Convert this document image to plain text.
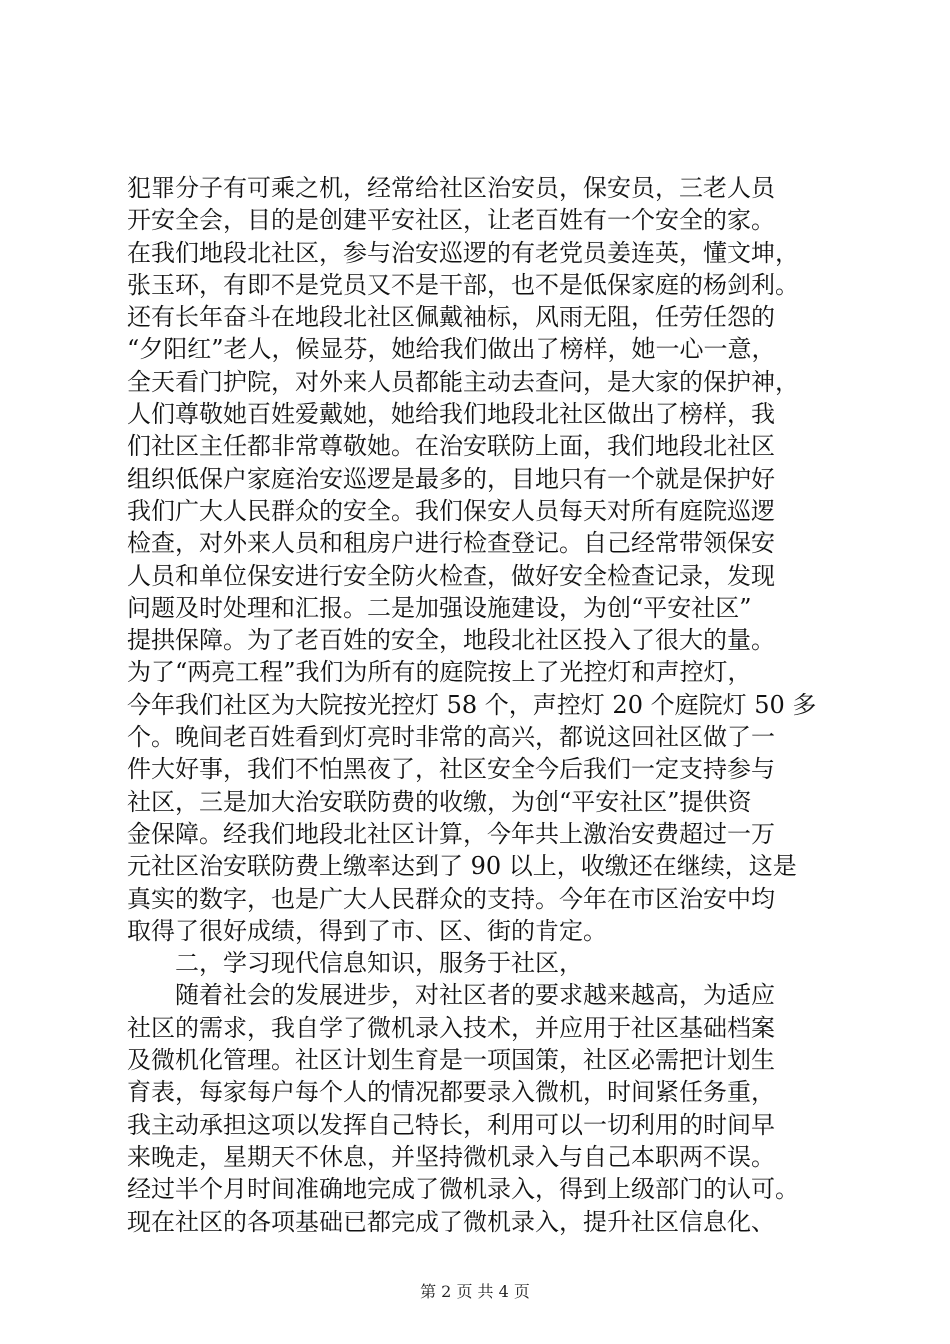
犯罪分子有可乘之机，经常给社区治安员，保安员，三老人员
开安全会，目的是创建平安社区，让老百姓有一个安全的家。
在我们地段北社区，参与治安巡逻的有老党员姜连英，懂文坤，
张玉环，有即不是党员又不是干部，也不是低保家庭的杨剑利。
还有长年奋斗在地段北社区佩戴袖标，风雨无阻，任劳任怨的
“夕阳红”老人，候显芬，她给我们做出了榜样，她一心一意，
全天看门护院，对外来人员都能主动去查问，是大家的保护神，
人们尊敬她百姓爱戴她，她给我们地段北社区做出了榜样，我
们社区主任都非常尊敬她。在治安联防上面，我们地段北社区
组织低保户家庭治安巡逻是最多的，目地只有一个就是保护好
我们广大人民群众的安全。我们保安人员每天对所有庭院巡逻
检查，对外来人员和租房户进行检查登记。自己经常带领保安
人员和单位保安进行安全防火检查，做好安全检查记录，发现
问题及时处理和汇报。二是加强设施建设，为创“平安社区”
提拱保障。为了老百姓的安全，地段北社区投入了很大的量。
为了“两亮工程”我们为所有的庭院按上了光控灯和声控灯，
今年我们社区为大院按光控灯 58 个，声控灯 20 个庭院灯 50 多
个。晚间老百姓看到灯亮时非常的高兴，都说这回社区做了一
件大好事，我们不怕黑夜了，社区安全今后我们一定支持参与
社区，三是加大治安联防费的收缴，为创“平安社区”提供资
金保障。经我们地段北社区计算，今年共上激治安费超过一万
元社区治安联防费上缴率达到了 90 以上，收缴还在继续，这是
真实的数字，也是广大人民群众的支持。今年在市区治安中均
取得了很好成绩，得到了市、区、街的肯定。
二，学习现代信息知识，服务于社区，
随着社会的发展进步，对社区者的要求越来越高，为适应
社区的需求，我自学了微机录入技术，并应用于社区基础档案
及微机化管理。社区计划生育是一项国策，社区必需把计划生
育表，每家每户每个人的情况都要录入微机，时间紧任务重，
我主动承担这项以发挥自己特长，利用可以一切利用的时间早
来晚走，星期天不休息，并坚持微机录入与自己本职两不误。
经过半个月时间准确地完成了微机录入，得到上级部门的认可。
现在社区的各项基础已都完成了微机录入，提升社区信息化、
第 2 页 共 4 页
